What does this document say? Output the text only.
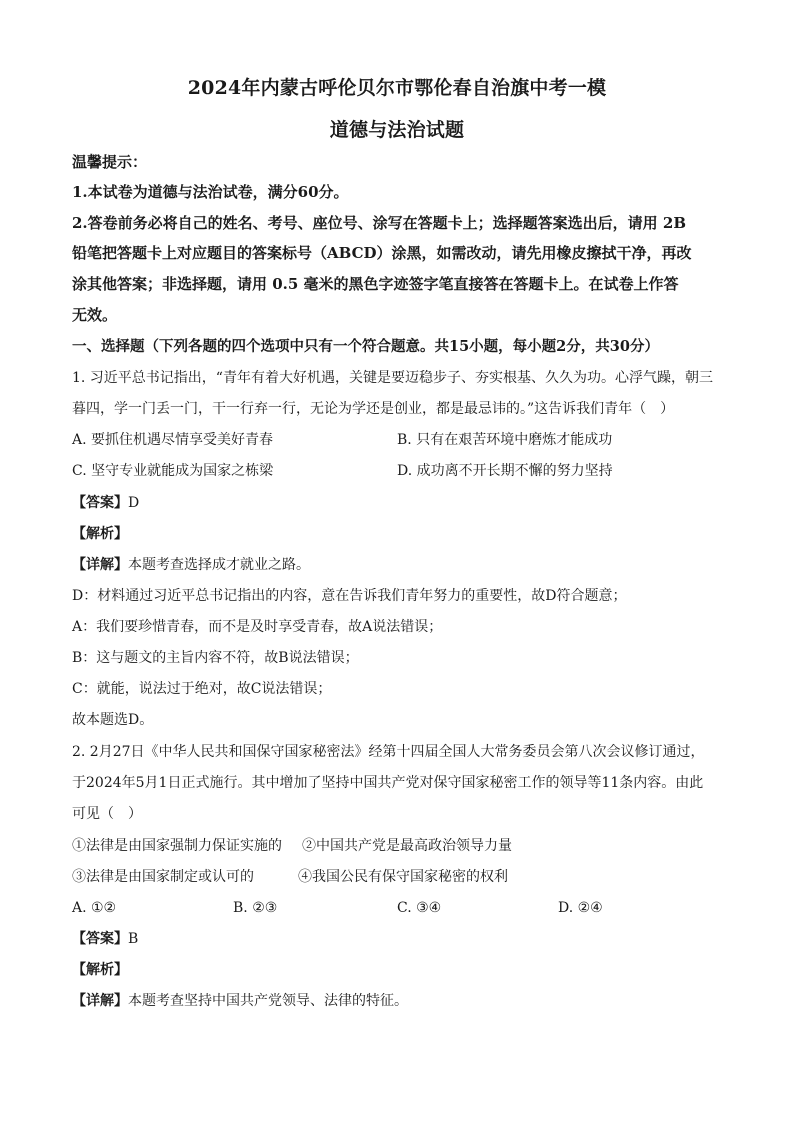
2024年内蒙古呼伦贝尔市鄂伦春自治旗中考一模
道德与法治试题
温馨提示：
1.本试卷为道德与法治试卷，满分60分。
2.答卷前务必将自己的姓名、考号、座位号、涂写在答题卡上；选择题答案选出后，请用 2B
铅笔把答题卡上对应题目的答案标号（ABCD）涂黑，如需改动，请先用橡皮擦拭干净，再改
涂其他答案；非选择题，请用 0.5 毫米的黑色字迹签字笔直接答在答题卡上。在试卷上作答
无效。
一、选择题（下列各题的四个选项中只有一个符合题意。共15小题，每小题2分，共30分）
1. 习近平总书记指出，“青年有着大好机遇，关键是要迈稳步子、夯实根基、久久为功。心浮气躁，朝三
暮四，学一门丢一门，干一行弃一行，无论为学还是创业，都是最忌讳的。”这告诉我们青年（　）
A. 要抓住机遇尽情享受美好青春	B. 只有在艰苦环境中磨炼才能成功
C. 坚守专业就能成为国家之栋梁	D. 成功离不开长期不懈的努力坚持
【答案】D
【解析】
【详解】本题考查选择成才就业之路。
D：材料通过习近平总书记指出的内容，意在告诉我们青年努力的重要性，故D符合题意；
A：我们要珍惜青春，而不是及时享受青春，故A说法错误；
B：这与题文的主旨内容不符，故B说法错误；
C：就能，说法过于绝对，故C说法错误；
故本题选D。
2. 2月27日《中华人民共和国保守国家秘密法》经第十四届全国人大常务委员会第八次会议修订通过，
于2024年5月1日正式施行。其中增加了坚持中国共产党对保守国家秘密工作的领导等11条内容。由此
可见（　）
①法律是由国家强制力保证实施的 ②中国共产党是最高政治领导力量
③法律是由国家制定或认可的	④我国公民有保守国家秘密的权利
A. ①②	B. ②③	C. ③④	D. ②④
【答案】B
【解析】
【详解】本题考查坚持中国共产党领导、法律的特征。
